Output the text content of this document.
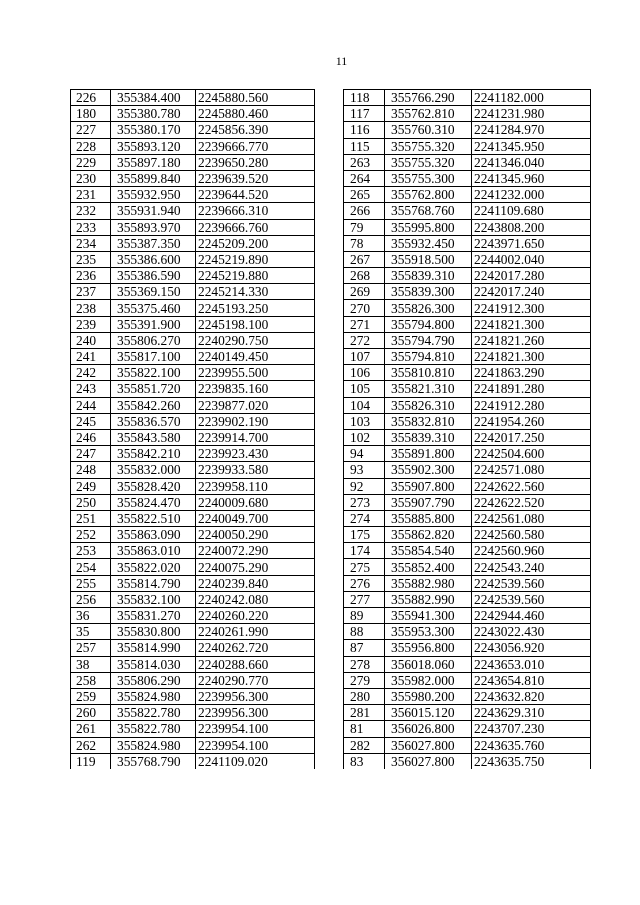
11
226	355384.400	2245880.560
180	355380.780	2245880.460
227	355380.170	2245856.390
228	355893.120	2239666.770
229	355897.180	2239650.280
230	355899.840	2239639.520
231	355932.950	2239644.520
232	355931.940	2239666.310
233	355893.970	2239666.760
234	355387.350	2245209.200
235	355386.600	2245219.890
236	355386.590	2245219.880
237	355369.150	2245214.330
238	355375.460	2245193.250
239	355391.900	2245198.100
240	355806.270	2240290.750
241	355817.100	2240149.450
242	355822.100	2239955.500
243	355851.720	2239835.160
244	355842.260	2239877.020
245	355836.570	2239902.190
246	355843.580	2239914.700
247	355842.210	2239923.430
248	355832.000	2239933.580
249	355828.420	2239958.110
250	355824.470	2240009.680
251	355822.510	2240049.700
252	355863.090	2240050.290
253	355863.010	2240072.290
254	355822.020	2240075.290
255	355814.790	2240239.840
256	355832.100	2240242.080
36	355831.270	2240260.220
35	355830.800	2240261.990
257	355814.990	2240262.720
38	355814.030	2240288.660
258	355806.290	2240290.770
259	355824.980	2239956.300
260	355822.780	2239956.300
261	355822.780	2239954.100
262	355824.980	2239954.100
119	355768.790	2241109.020
118	355766.290	2241182.000
117	355762.810	2241231.980
116	355760.310	2241284.970
115	355755.320	2241345.950
263	355755.320	2241346.040
264	355755.300	2241345.960
265	355762.800	2241232.000
266	355768.760	2241109.680
79	355995.800	2243808.200
78	355932.450	2243971.650
267	355918.500	2244002.040
268	355839.310	2242017.280
269	355839.300	2242017.240
270	355826.300	2241912.300
271	355794.800	2241821.300
272	355794.790	2241821.260
107	355794.810	2241821.300
106	355810.810	2241863.290
105	355821.310	2241891.280
104	355826.310	2241912.280
103	355832.810	2241954.260
102	355839.310	2242017.250
94	355891.800	2242504.600
93	355902.300	2242571.080
92	355907.800	2242622.560
273	355907.790	2242622.520
274	355885.800	2242561.080
175	355862.820	2242560.580
174	355854.540	2242560.960
275	355852.400	2242543.240
276	355882.980	2242539.560
277	355882.990	2242539.560
89	355941.300	2242944.460
88	355953.300	2243022.430
87	355956.800	2243056.920
278	356018.060	2243653.010
279	355982.000	2243654.810
280	355980.200	2243632.820
281	356015.120	2243629.310
81	356026.800	2243707.230
282	356027.800	2243635.760
83	356027.800	2243635.750
